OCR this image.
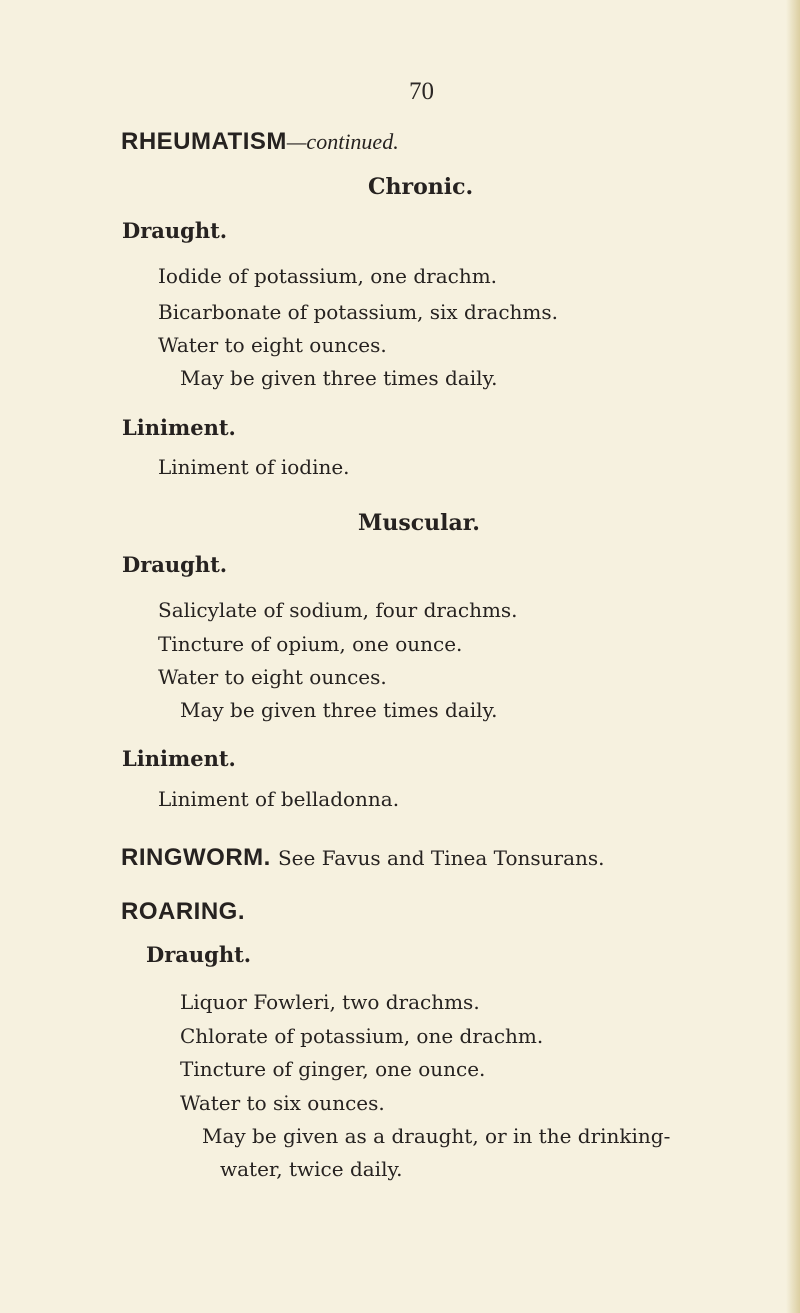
70
RHEUMATISM—continued.
Chronic.
Draught.
Iodide of potassium, one drachm.
Bicarbonate of potassium, six drachms.
Water to eight ounces.
May be given three times daily.
Liniment.
Liniment of iodine.
Muscular.
Draught.
Salicylate of sodium, four drachms.
Tincture of opium, one ounce.
Water to eight ounces.
May be given three times daily.
Liniment.
Liniment of belladonna.
RINGWORM. See Favus and Tinea Tonsurans.
ROARING.
Draught.
Liquor Fowleri, two drachms.
Chlorate of potassium, one drachm.
Tincture of ginger, one ounce.
Water to six ounces.
May be given as a draught, or in the drinking-
water, twice daily.
